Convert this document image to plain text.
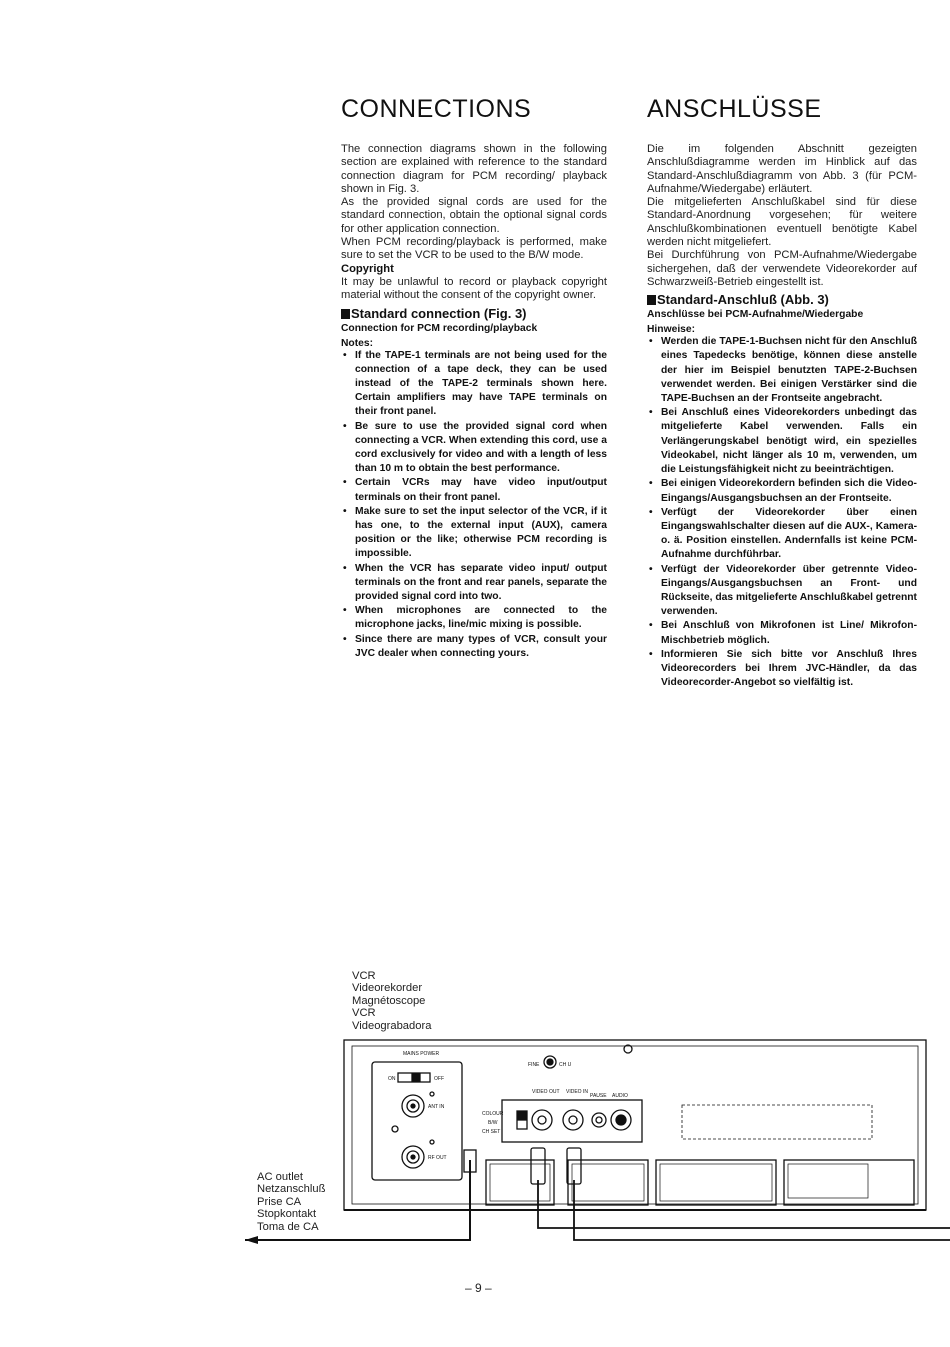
CONNECTIONS

The connection diagrams shown in the following section are explained with reference to the standard connection diagram for PCM recording/ playback shown in Fig. 3.

As the provided signal cords are used for the standard connection, obtain the optional signal cords for other application connection.

When PCM recording/playback is performed, make sure to set the VCR to be used to the B/W mode.

Copyright

It may be unlawful to record or playback copyright material without the consent of the copyright owner.

Standard connection (Fig. 3)
Connection for PCM recording/playback
Notes:
• If the TAPE-1 terminals are not being used for the connection of a tape deck, they can be used instead of the TAPE-2 terminals shown here. Certain amplifiers may have TAPE terminals on their front panel.
• Be sure to use the provided signal cord when connecting a VCR. When extending this cord, use a cord exclusively for video and with a length of less than 10 m to obtain the best performance.
• Certain VCRs may have video input/output terminals on their front panel.
• Make sure to set the input selector of the VCR, if it has one, to the external input (AUX), camera position or the like; otherwise PCM recording is impossible.
• When the VCR has separate video input/ output terminals on the front and rear panels, separate the provided signal cord into two.
• When microphones are connected to the microphone jacks, line/mic mixing is possible.
• Since there are many types of VCR, consult your JVC dealer when connecting yours.
ANSCHLÜSSE

Die im folgenden Abschnitt gezeigten Anschlußdiagramme werden im Hinblick auf das Standard-Anschlußdiagramm von Abb. 3 (für PCM-Aufnahme/Wiedergabe) erläutert.

Die mitgelieferten Anschlußkabel sind für diese Standard-Anordnung vorgesehen; für weitere Anschlußkombinationen eventuell benötigte Kabel werden nicht mitgeliefert.

Bei Durchführung von PCM-Aufnahme/Wiedergabe sichergehen, daß der verwendete Videorekorder auf Schwarzweiß-Betrieb eingestellt ist.

Standard-Anschluß (Abb. 3)
Anschlüsse bei PCM-Aufnahme/Wiedergabe
Hinweise:
• Werden die TAPE-1-Buchsen nicht für den Anschluß eines Tapedecks benötige, können diese anstelle der hier im Beispiel benutzten TAPE-2-Buchsen verwendet werden. Bei einigen Verstärker sind die TAPE-Buchsen an der Frontseite angebracht.
• Bei Anschluß eines Videorekorders unbedingt das mitgelieferte Kabel verwenden. Falls ein Verlängerungskabel benötigt wird, ein spezielles Videokabel, nicht länger als 10 m, verwenden, um die Leistungsfähigkeit nicht zu beeinträchtigen.
• Bei einigen Videorekordern befinden sich die Video-Eingangs/Ausgangsbuchsen an der Frontseite.
• Verfügt der Videorekorder über einen Eingangswahlschalter diesen auf die AUX-, Kamera- o. ä. Position einstellen. Andernfalls ist keine PCM-Aufnahme durchführbar.
• Verfügt der Videorekorder über getrennte Video-Eingangs/Ausgangsbuchsen an Front- und Rückseite, das mitgelieferte Anschlußkabel getrennt verwenden.
• Bei Anschluß von Mikrofonen ist Line/ Mikrofon-Mischbetrieb möglich.
• Informieren Sie sich bitte vor Anschluß Ihres Videorecorders bei Ihrem JVC-Händler, da das Videorecorder-Angebot so vielfältig ist.
VCR
Videorekorder
Magnétoscope
VCR
Videograbadora
AC outlet
Netzanschluß
Prise CA
Stopkontakt
Toma de CA
MAINS POWER
ON	OFF
ANT IN
RF OUT
FINE	CH U
VIDEO OUT VIDEO IN
PAUSE AUDIO
COLOUR
B/W
CH SET
– 9 –
